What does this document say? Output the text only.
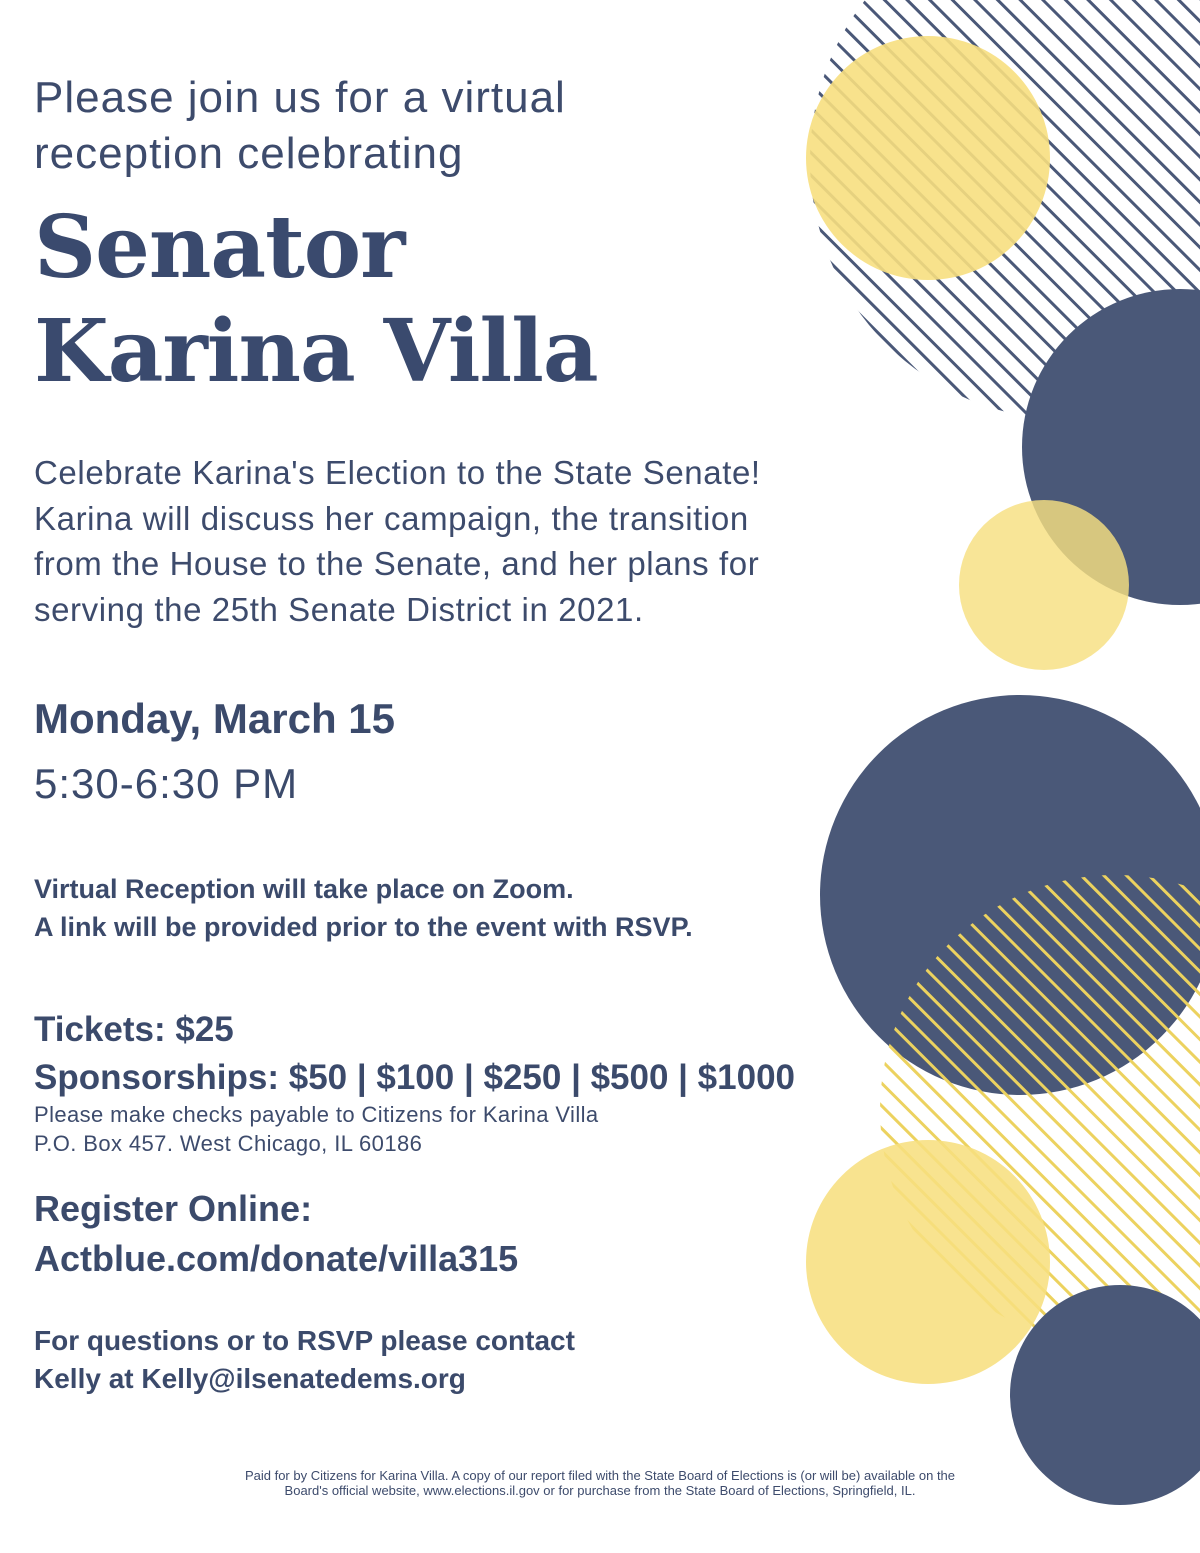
Please join us for a virtual
reception celebrating
Senator
Karina Villa

Celebrate Karina's Election to the State Senate!
Karina will discuss her campaign, the transition
from the House to the Senate, and her plans for
serving the 25th Senate District in 2021.

Monday, March 15
5:30-6:30 PM

Virtual Reception will take place on Zoom.
A link will be provided prior to the event with RSVP.

Tickets: $25
Sponsorships: $50 | $100 | $250 | $500 | $1000

Please make checks payable to Citizens for Karina Villa
P.O. Box 457. West Chicago, IL 60186

Register Online:
Actblue.com/donate/villa315

For questions or to RSVP please contact
Kelly at Kelly@ilsenatedems.org

Paid for by Citizens for Karina Villa. A copy of our report filed with the State Board of Elections is (or will be) available on the
Board's official website, www.elections.il.gov or for purchase from the State Board of Elections, Springfield, IL.
